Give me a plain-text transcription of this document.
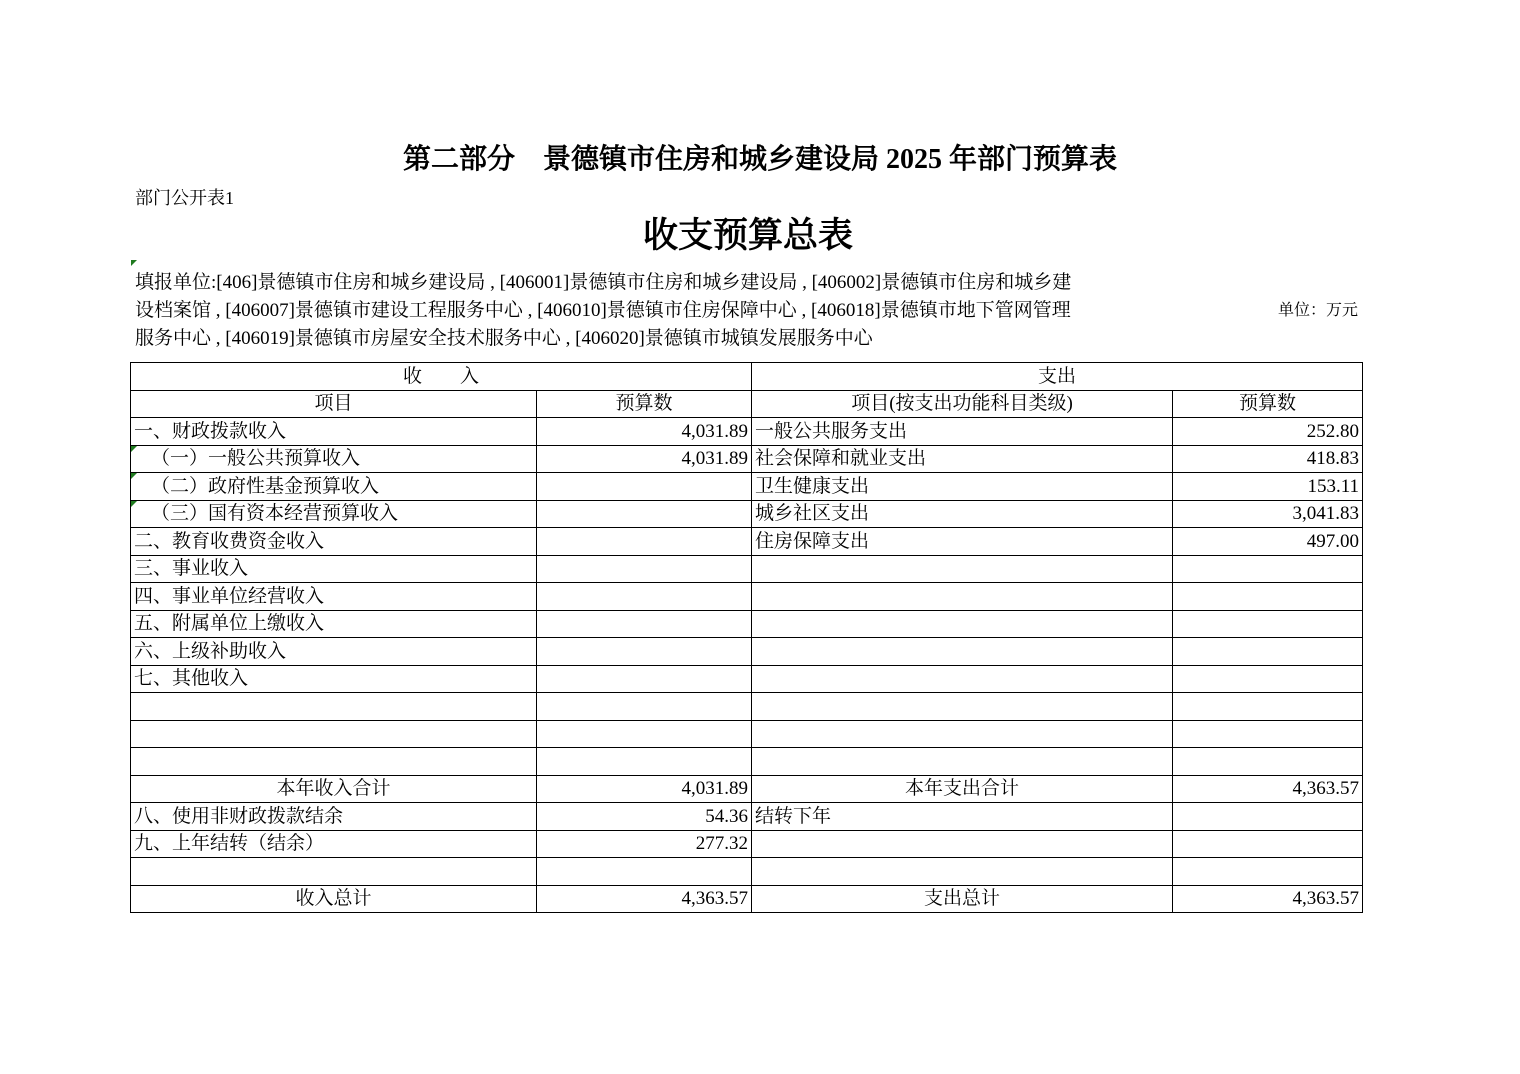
第二部分　景德镇市住房和城乡建设局 2025 年部门预算表
部门公开表1
收支预算总表
填报单位:[406]景德镇市住房和城乡建设局 , [406001]景德镇市住房和城乡建设局 , [406002]景德镇市住房和城乡建
设档案馆 , [406007]景德镇市建设工程服务中心 , [406010]景德镇市住房保障中心 , [406018]景德镇市地下管网管理
服务中心 , [406019]景德镇市房屋安全技术服务中心 , [406020]景德镇市城镇发展服务中心
单位：万元
收　　入		支出	
项目	预算数	项目(按支出功能科目类级)	预算数
一、财政拨款收入	4,031.89	一般公共服务支出	252.80

（一）一般公共预算收入	4,031.89	社会保障和就业支出	418.83

（二）政府性基金预算收入		卫生健康支出	153.11

（三）国有资本经营预算收入		城乡社区支出	3,041.83
二、教育收费资金收入		住房保障支出	497.00
三、事业收入			
四、事业单位经营收入			
五、附属单位上缴收入			
六、上级补助收入			
七、其他收入			

本年收入合计	4,031.89	本年支出合计	4,363.57
八、使用非财政拨款结余	54.36	结转下年	
九、上年结转（结余）	277.32		

收入总计	4,363.57	支出总计	4,363.57
